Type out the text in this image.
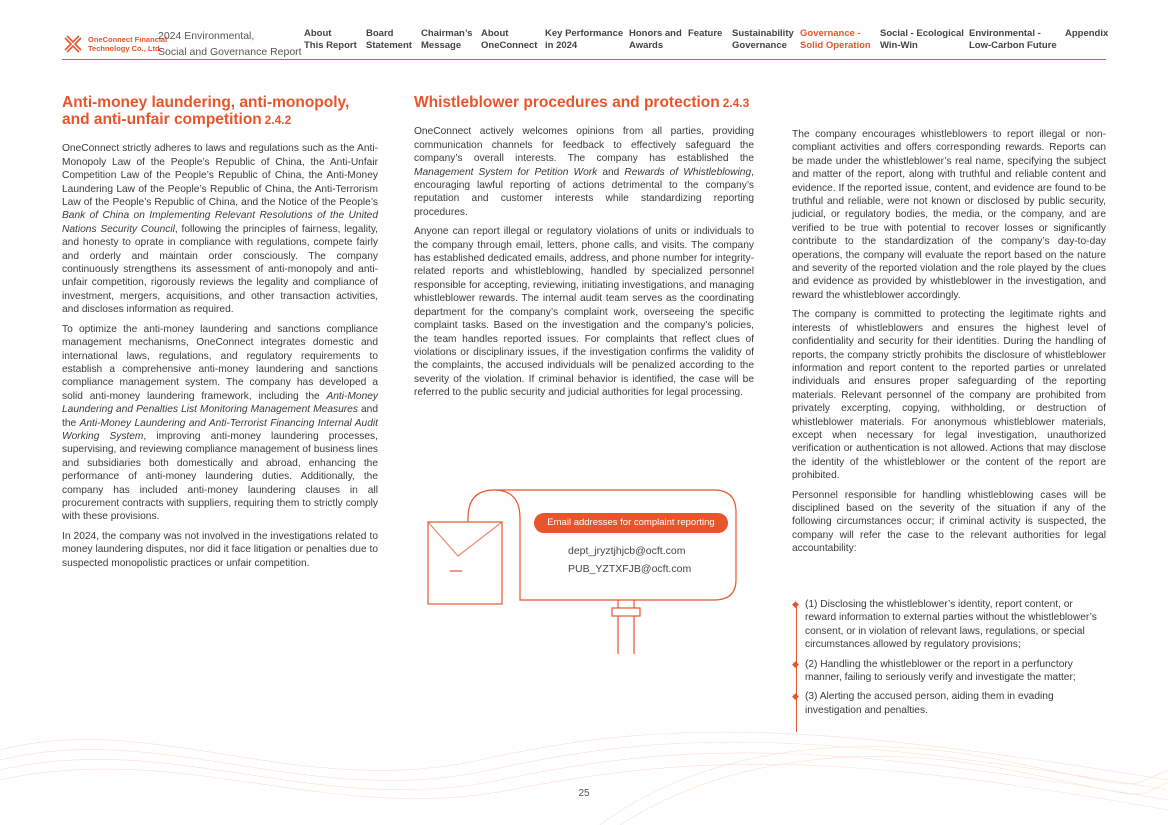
OneConnect Financial
Technology Co., Ltd.
2024 Environmental,
Social and Governance Report
About
This Report
Board
Statement
Chairman’s
Message
About
OneConnect
Key Performance
in 2024
Honors and
Awards
Feature Sustainability
Governance
Governance -
Solid Operation
Social - Ecological
Win-Win
Environmental -
Low-Carbon Future
Appendix
Anti-money laundering, anti-monopoly,
and anti-unfair competition 2.4.2

OneConnect strictly adheres to laws and regulations such as the Anti-Monopoly Law of the People’s Republic of China, the Anti-Unfair Competition Law of the People’s Republic of China, the Anti-Money Laundering Law of the People’s Republic of China, the Anti-Terrorism Law of the People’s Republic of China, and the Notice of the People’s Bank of China on Implementing Relevant Resolutions of the United Nations Security Council, following the principles of fairness, legality, and honesty to oprate in compliance with regulations, compete fairly and orderly and maintain order consciously. The company continuously strengthens its assessment of anti-monopoly and anti-unfair competition, rigorously reviews the legality and compliance of investment, mergers, acquisitions, and other transaction activities, and discloses information as required.

To optimize the anti-money laundering and sanctions compliance management mechanisms, OneConnect integrates domestic and international laws, regulations, and regulatory requirements to establish a comprehensive anti-money laundering and sanctions compliance management system. The company has developed a solid anti-money laundering framework, including the Anti-Money Laundering and Penalties List Monitoring Management Measures and the Anti-Money Laundering and Anti-Terrorist Financing Internal Audit Working System, improving anti-money laundering processes, supervising, and reviewing compliance management of business lines and subsidiaries both domestically and abroad, enhancing the performance of anti-money laundering duties. Additionally, the company has included anti-money laundering clauses in all procurement contracts with suppliers, requiring them to strictly comply with these provisions.

In 2024, the company was not involved in the investigations related to money laundering disputes, nor did it face litigation or penalties due to suspected monopolistic practices or unfair competition.

Whistleblower procedures and protection 2.4.3

OneConnect actively welcomes opinions from all parties, providing communication channels for feedback to effectively safeguard the company’s overall interests. The company has established the Management System for Petition Work and Rewards of Whistleblowing, encouraging lawful reporting of actions detrimental to the company’s reputation and customer interests while standardizing reporting procedures.

Anyone can report illegal or regulatory violations of units or individuals to the company through email, letters, phone calls, and visits. The company has established dedicated emails, address, and phone number for integrity-related reports and whistleblowing, handled by specialized personnel responsible for accepting, reviewing, initiating investigations, and managing whistleblower rewards. The internal audit team serves as the coordinating department for the company’s complaint work, overseeing the specific complaint tasks. Based on the investigation and the company’s policies, the team handles reported issues. For complaints that reflect clues of violations or disciplinary issues, if the investigation confirms the validity of the complaints, the accused individuals will be penalized according to the severity of the violation. If criminal behavior is identified, the case will be referred to the public security and judicial authorities for legal processing.

Email addresses for complaint reporting
dept_jryztjhjcb@ocft.com
PUB_YZTXFJB@ocft.com

The company encourages whistleblowers to report illegal or non-compliant activities and offers corresponding rewards. Reports can be made under the whistleblower’s real name, specifying the subject and matter of the report, along with truthful and reliable content and evidence. If the reported issue, content, and evidence are found to be truthful and reliable, were not known or disclosed by public security, judicial, or regulatory bodies, the media, or the company, and are verified to be true with potential to recover losses or significantly contribute to the standardization of the company’s day-to-day operations, the company will evaluate the report based on the nature and severity of the reported violation and the role played by the clues and evidence as provided by whistleblower in the investigation, and reward the whistleblower accordingly.

The company is committed to protecting the legitimate rights and interests of whistleblowers and ensures the highest level of confidentiality and security for their identities. During the handling of reports, the company strictly prohibits the disclosure of whistleblower information and report content to the reported parties or unrelated individuals and ensures proper safeguarding of the reporting materials. Relevant personnel of the company are prohibited from privately excerpting, copying, withholding, or destruction of whistleblower materials. For anonymous whistleblower materials, except when necessary for legal investigation, unauthorized verification or authentication is not allowed. Actions that may disclose the identity of the whistleblower or the content of the report are prohibited.

Personnel responsible for handling whistleblowing cases will be disciplined based on the severity of the situation if any of the following circumstances occur; if criminal activity is suspected, the company will refer the case to the relevant authorities for legal accountability:

◆ (1) Disclosing the whistleblower’s identity, report content, or reward information to external parties without the whistleblower’s consent, or in violation of relevant laws, regulations, or special circumstances allowed by regulatory provisions;
◆ (2) Handling the whistleblower or the report in a perfunctory manner, failing to seriously verify and investigate the matter;
◆ (3) Alerting the accused person, aiding them in evading investigation and penalties.
25
